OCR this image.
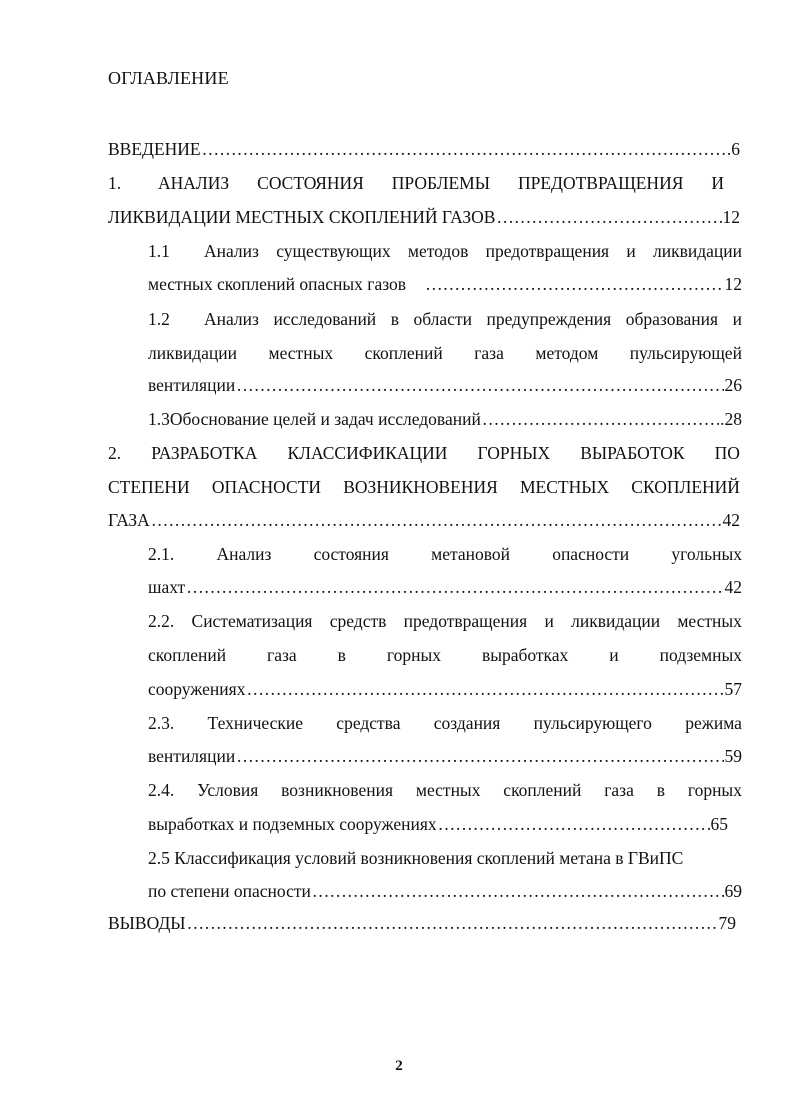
ОГЛАВЛЕНИЕ
ВВЕДЕНИЕ …………………………………………………………………………………………………………………………………………………………………	.6
1.	АНАЛИЗ СОСТОЯНИЯ ПРОБЛЕМЫ ПРЕДОТВРАЩЕНИЯ И
ЛИКВИДАЦИИ МЕСТНЫХ СКОПЛЕНИЙ ГАЗОВ …………………………………………………………………………………………………………………………………………………………………	12
1.1	Анализ существующих методов предотвращения и ликвидации
местных скоплений опасных газов …………………………………………………………………………………………………………………………………………………………………	12
1.2	Анализ исследований в области предупреждения образования и
ликвидации местных скоплений газа методом пульсирующей
вентиляции …………………………………………………………………………………………………………………………………………………………………	26
1.3 Обоснование целей и задач исследований …………………………………………………………………………………………………………………………………………………………………	.28
2. РАЗРАБОТКА КЛАССИФИКАЦИИ ГОРНЫХ ВЫРАБОТОК ПО
СТЕПЕНИ ОПАСНОСТИ ВОЗНИКНОВЕНИЯ МЕСТНЫХ СКОПЛЕНИЙ
ГАЗА …………………………………………………………………………………………………………………………………………………………………	42
2.1. Анализ состояния метановой опасности угольных
шахт …………………………………………………………………………………………………………………………………………………………………	42
2.2. Систематизация средств предотвращения и ликвидации местных
скоплений газа в горных выработках и подземных
сооружениях …………………………………………………………………………………………………………………………………………………………………	57
2.3. Технические средства создания пульсирующего режима
вентиляции …………………………………………………………………………………………………………………………………………………………………	59
2.4. Условия возникновения местных скоплений газа в горных
выработках и подземных сооружениях …………………………………………………………………………………………………………………………………………………………………	65
2.5 Классификация условий возникновения скоплений метана в ГВиПС
по степени опасности …………………………………………………………………………………………………………………………………………………………………	69
ВЫВОДЫ …………………………………………………………………………………………………………………………………………………………………	79
2
